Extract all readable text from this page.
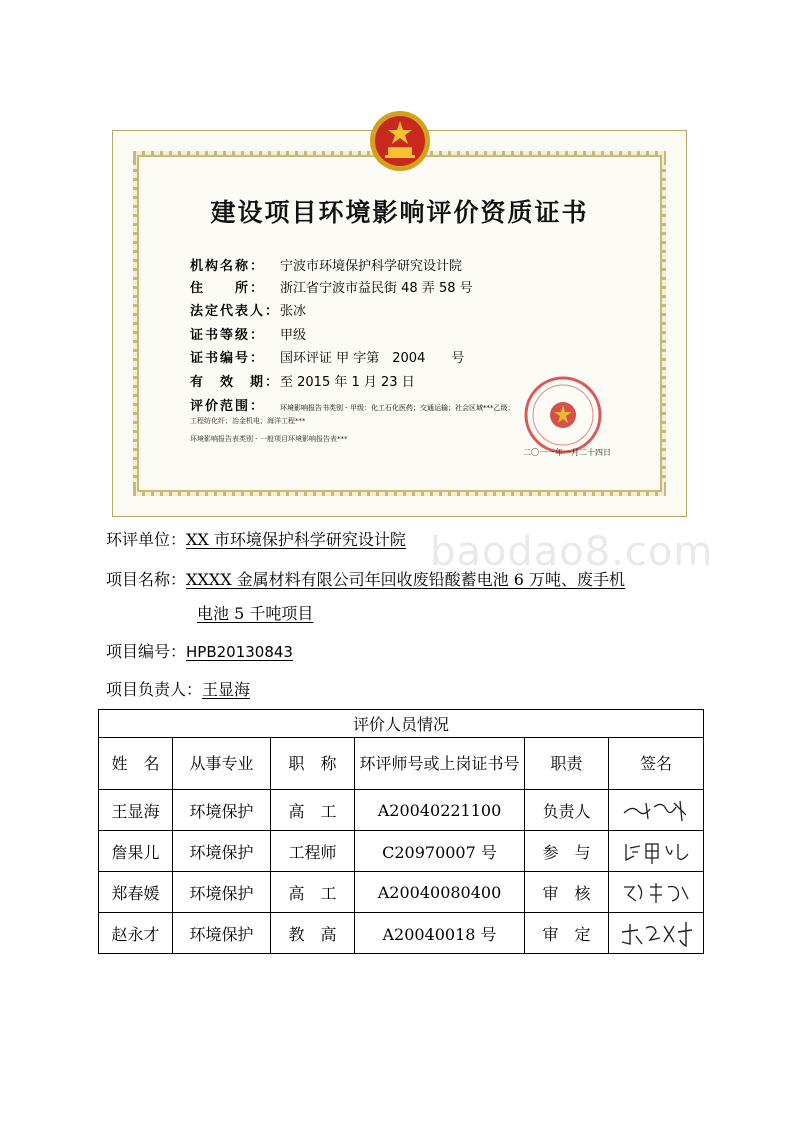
建设项目环境影响评价资质证书
机构名称： 宁波市环境保护科学研究设计院
住　　所： 浙江省宁波市益民街 48 弄 58 号
法定代表人：张冰
证书等级： 甲级
证书编号： 国环评证 甲 字第　2004　　号
有　效　期：至 2015 年 1 月 23 日
评价范围： 环境影响报告书类别 - 甲级：化工石化医药；交通运输；社会区域***乙级：
工程纺化纤；冶金机电；海洋工程***
环境影响报告表类别 - 一般项目环境影响报告表***
二〇一一年一月二十四日
baodao8.com
环评单位：XX 市环境保护科学研究设计院
项目名称：XXXX 金属材料有限公司年回收废铅酸蓄电池 6 万吨、废手机
电池 5 千吨项目
项目编号：HPB20130843
项目负责人：王显海
评价人员情况					
姓　名	从事专业	职　称	环评师号或上岗证书号	职责	签名
王显海	环境保护	高　工	A20040221100	负责人	

詹果儿	环境保护	工程师	C20970007 号	参　与	

郑春媛	环境保护	高　工	A20040080400	审　核	

赵永才	环境保护	教　高	A20040018 号	审　定	
